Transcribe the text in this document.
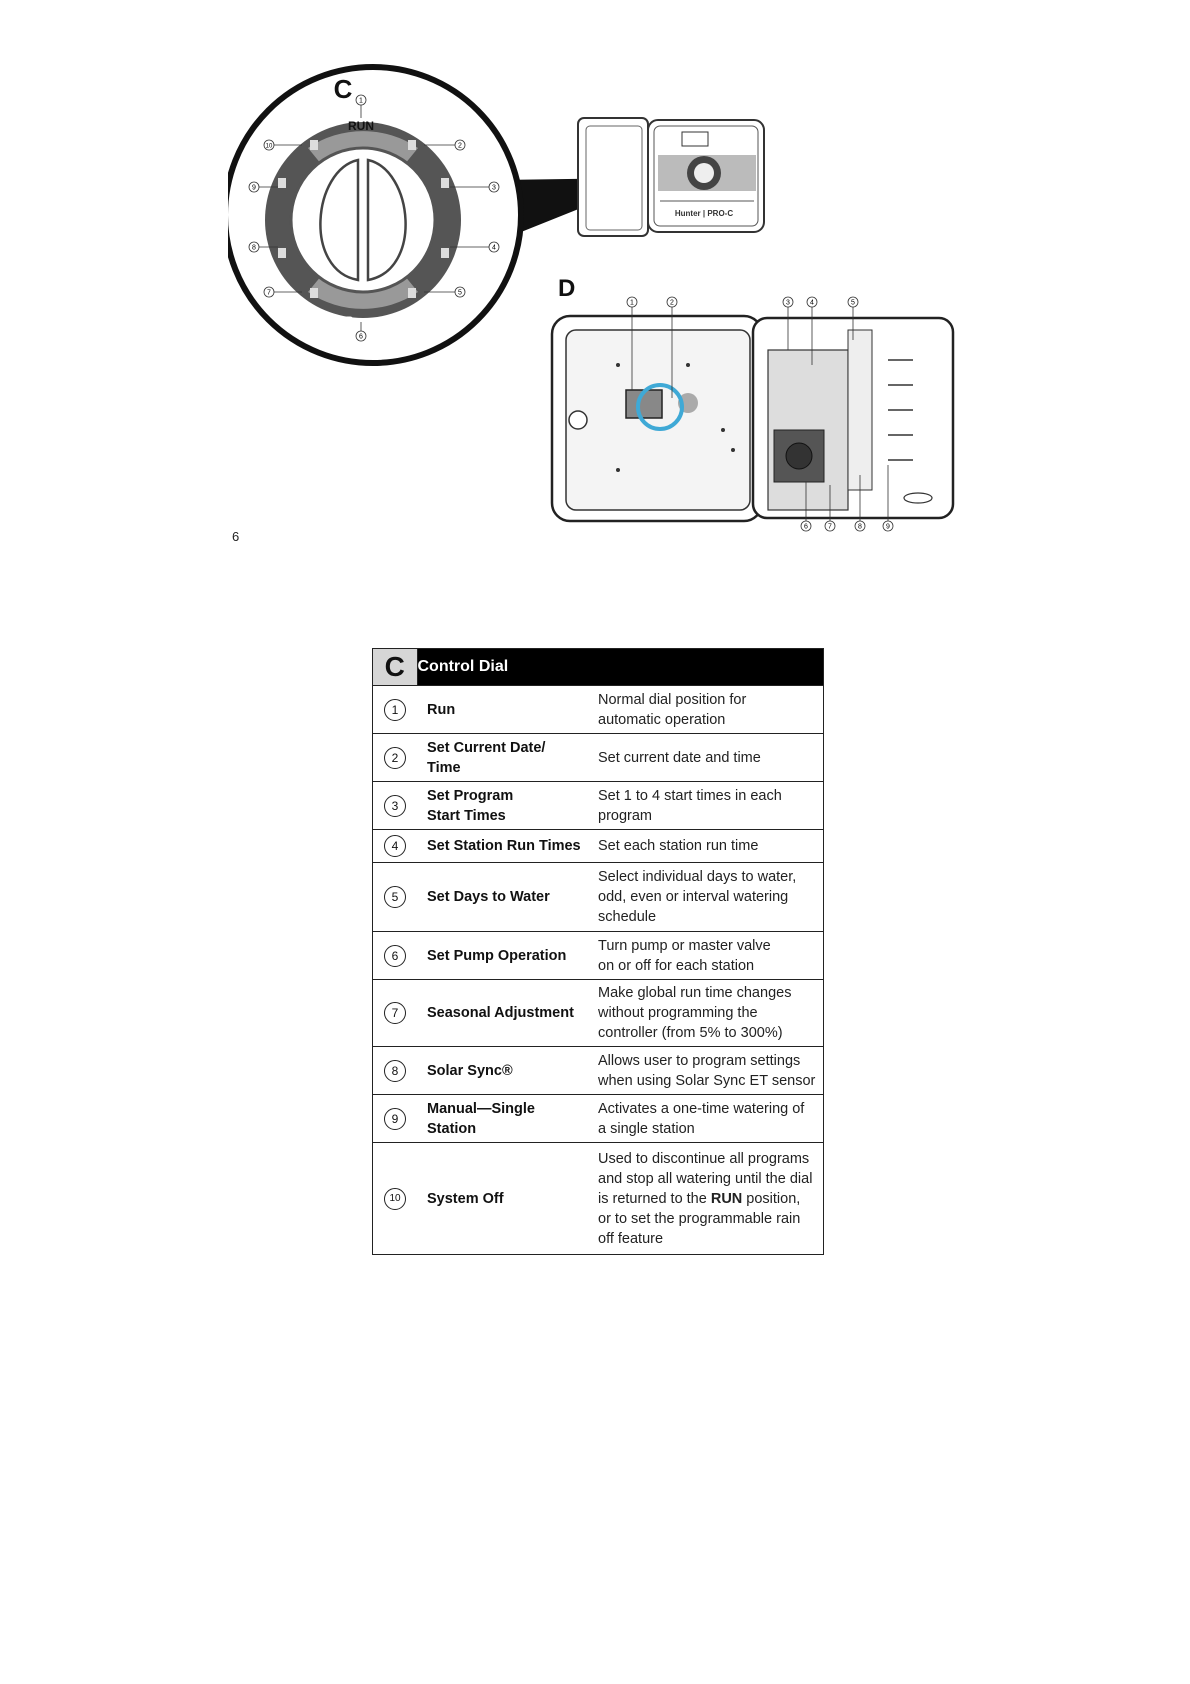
RUN
Pump
C 1
2
3
4
5
6
7
8
9
10
Hunter | PRO-C
D
1	2	3	4	5
6	7	8	9
6
C	Control Dial	
1	Run	Normal dial position for
automatic operation
2	Set Current Date/
Time	Set current date and time
3	Set Program
Start Times	Set 1 to 4 start times in each
program
4	Set Station Run Times	Set each station run time
5	Set Days to Water	Select individual days to water,
odd, even or interval watering
schedule
6	Set Pump Operation	Turn pump or master valve
on or off for each station
7	Seasonal Adjustment	Make global run time changes
without programming the
controller (from 5% to 300%)
8	Solar Sync®	Allows user to program settings
when using Solar Sync ET sensor
9	Manual—Single
Station	Activates a one-time watering of
a single station
10	System Off	Used to discontinue all programs
and stop all watering until the dial
is returned to the RUN position,
or to set the programmable rain
off feature
